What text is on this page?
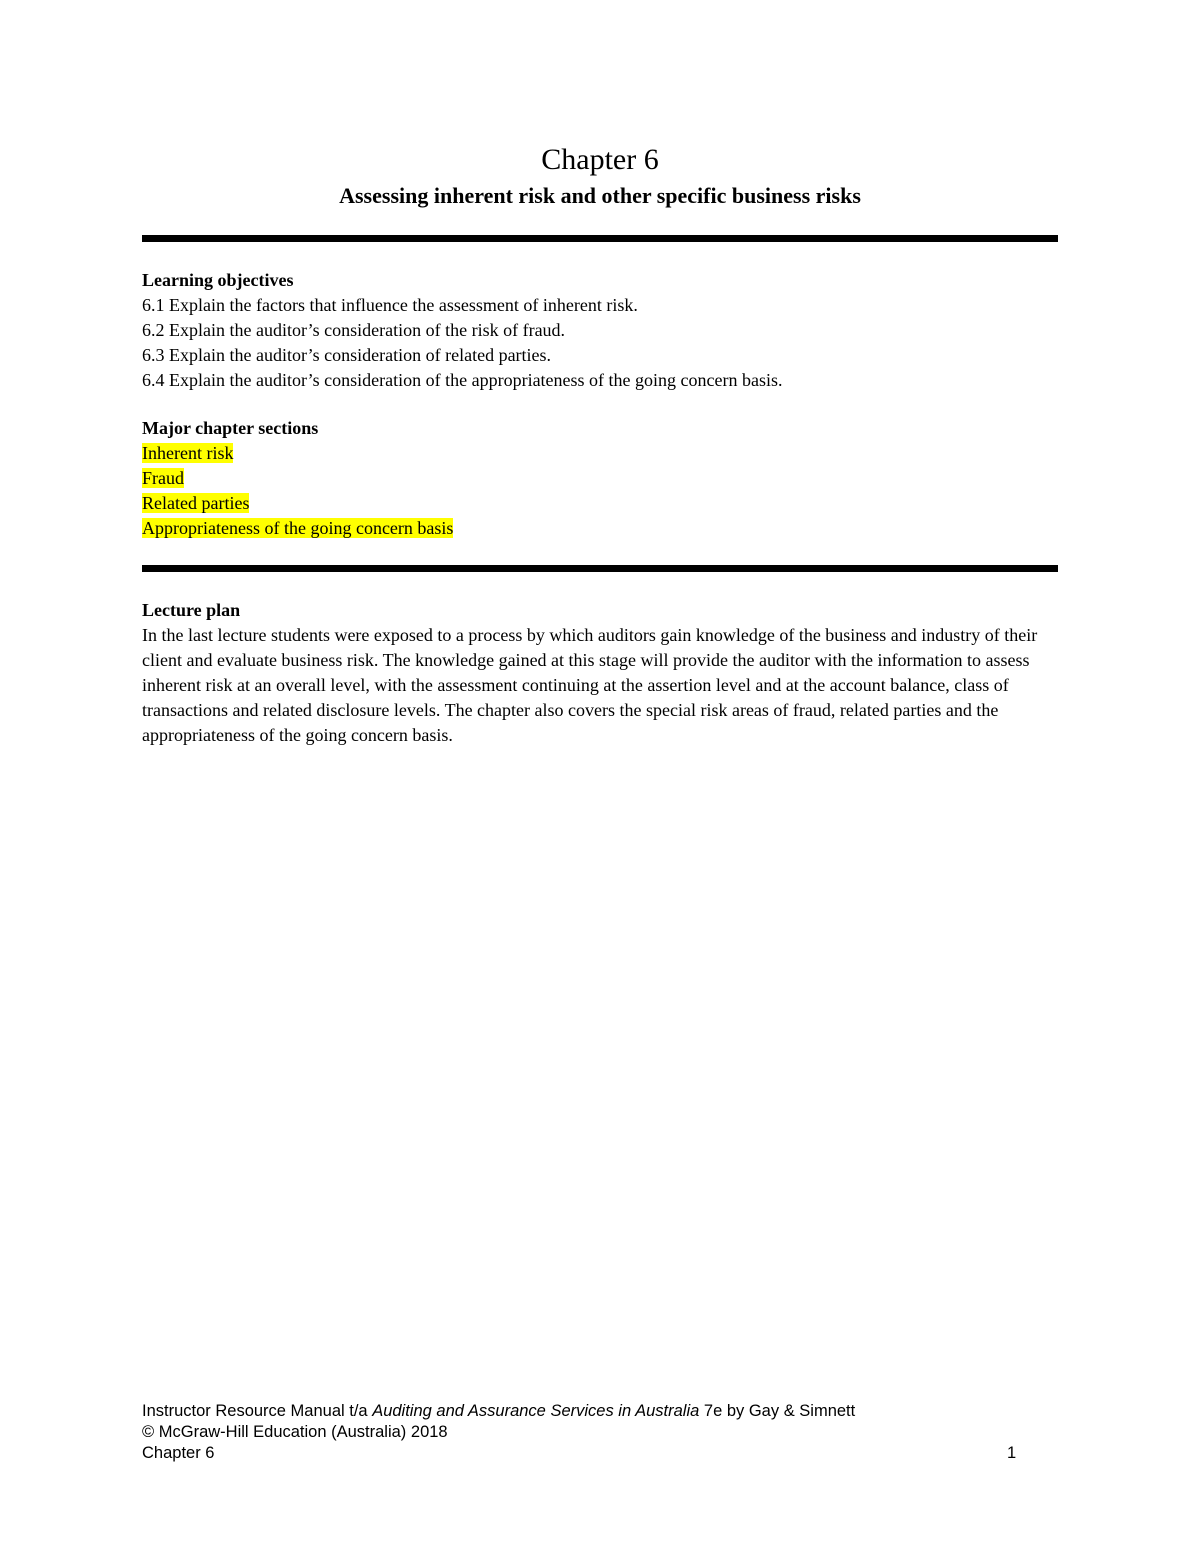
Chapter 6
Assessing inherent risk and other specific business risks
Learning objectives
6.1 Explain the factors that influence the assessment of inherent risk.
6.2 Explain the auditor’s consideration of the risk of fraud.
6.3 Explain the auditor’s consideration of related parties.
6.4 Explain the auditor’s consideration of the appropriateness of the going concern basis.
Major chapter sections
Inherent risk
Fraud
Related parties
Appropriateness of the going concern basis
Lecture plan
In the last lecture students were exposed to a process by which auditors gain knowledge of the business and industry of their client and evaluate business risk. The knowledge gained at this stage will provide the auditor with the information to assess inherent risk at an overall level, with the assessment continuing at the assertion level and at the account balance, class of transactions and related disclosure levels. The chapter also covers the special risk areas of fraud, related parties and the appropriateness of the going concern basis.
Instructor Resource Manual t/a Auditing and Assurance Services in Australia 7e by Gay & Simnett
© McGraw-Hill Education (Australia) 2018
Chapter 6	1
